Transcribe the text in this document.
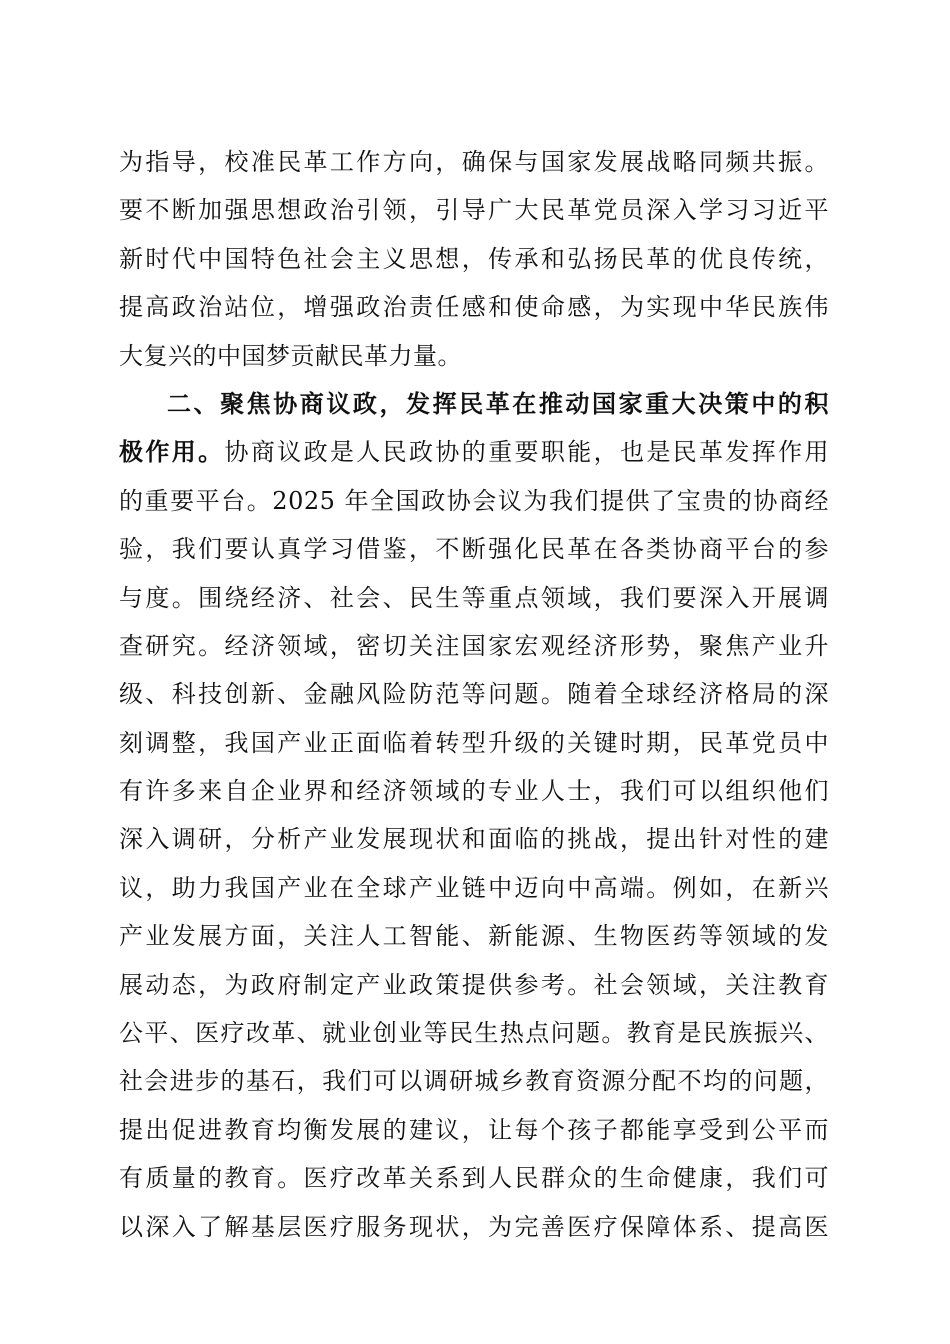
为指导，校准民革工作方向，确保与国家发展战略同频共振。
要不断加强思想政治引领，引导广大民革党员深入学习习近平
新时代中国特色社会主义思想，传承和弘扬民革的优良传统，
提高政治站位，增强政治责任感和使命感，为实现中华民族伟
大复兴的中国梦贡献民革力量。
二、聚焦协商议政，发挥民革在推动国家重大决策中的积
极作用。协商议政是人民政协的重要职能，也是民革发挥作用
的重要平台。2025 年全国政协会议为我们提供了宝贵的协商经
验，我们要认真学习借鉴，不断强化民革在各类协商平台的参
与度。围绕经济、社会、民生等重点领域，我们要深入开展调
查研究。经济领域，密切关注国家宏观经济形势，聚焦产业升
级、科技创新、金融风险防范等问题。随着全球经济格局的深
刻调整，我国产业正面临着转型升级的关键时期，民革党员中
有许多来自企业界和经济领域的专业人士，我们可以组织他们
深入调研，分析产业发展现状和面临的挑战，提出针对性的建
议，助力我国产业在全球产业链中迈向中高端。例如，在新兴
产业发展方面，关注人工智能、新能源、生物医药等领域的发
展动态，为政府制定产业政策提供参考。社会领域，关注教育
公平、医疗改革、就业创业等民生热点问题。教育是民族振兴、
社会进步的基石，我们可以调研城乡教育资源分配不均的问题，
提出促进教育均衡发展的建议，让每个孩子都能享受到公平而
有质量的教育。医疗改革关系到人民群众的生命健康，我们可
以深入了解基层医疗服务现状，为完善医疗保障体系、提高医
